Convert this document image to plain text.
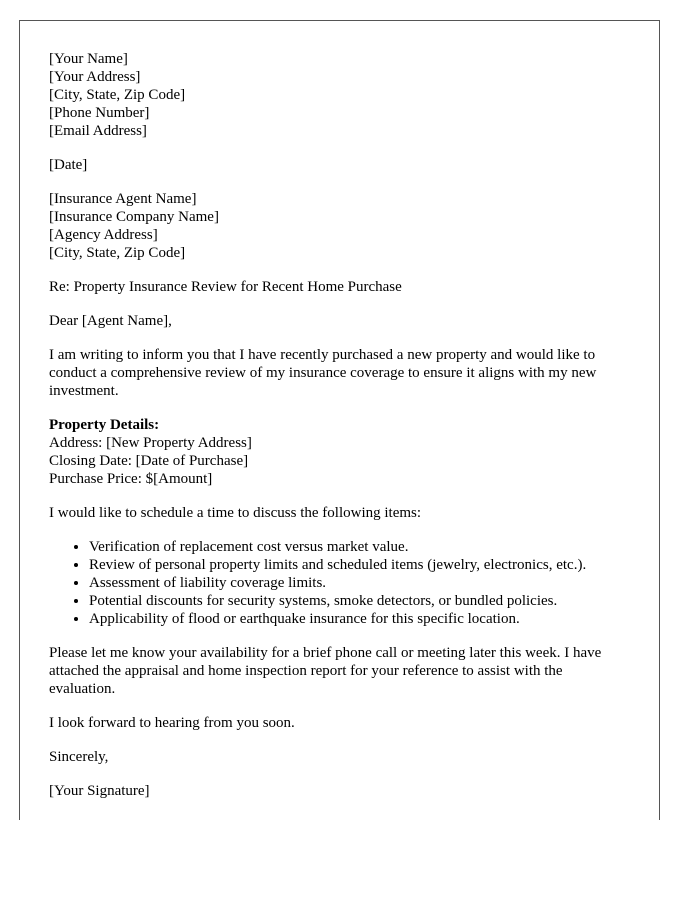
[Your Name]
[Your Address]
[City, State, Zip Code]
[Phone Number]
[Email Address]

[Date]

[Insurance Agent Name]
[Insurance Company Name]
[Agency Address]
[City, State, Zip Code]

Re: Property Insurance Review for Recent Home Purchase

Dear [Agent Name],

I am writing to inform you that I have recently purchased a new property and would like to conduct a comprehensive review of my insurance coverage to ensure it aligns with my new investment.

Property Details:
Address: [New Property Address]
Closing Date: [Date of Purchase]
Purchase Price: $[Amount]

I would like to schedule a time to discuss the following items:

• Verification of replacement cost versus market value.
• Review of personal property limits and scheduled items (jewelry, electronics, etc.).
• Assessment of liability coverage limits.
• Potential discounts for security systems, smoke detectors, or bundled policies.
• Applicability of flood or earthquake insurance for this specific location.

Please let me know your availability for a brief phone call or meeting later this week. I have attached the appraisal and home inspection report for your reference to assist with the evaluation.

I look forward to hearing from you soon.

Sincerely,

[Your Signature]
